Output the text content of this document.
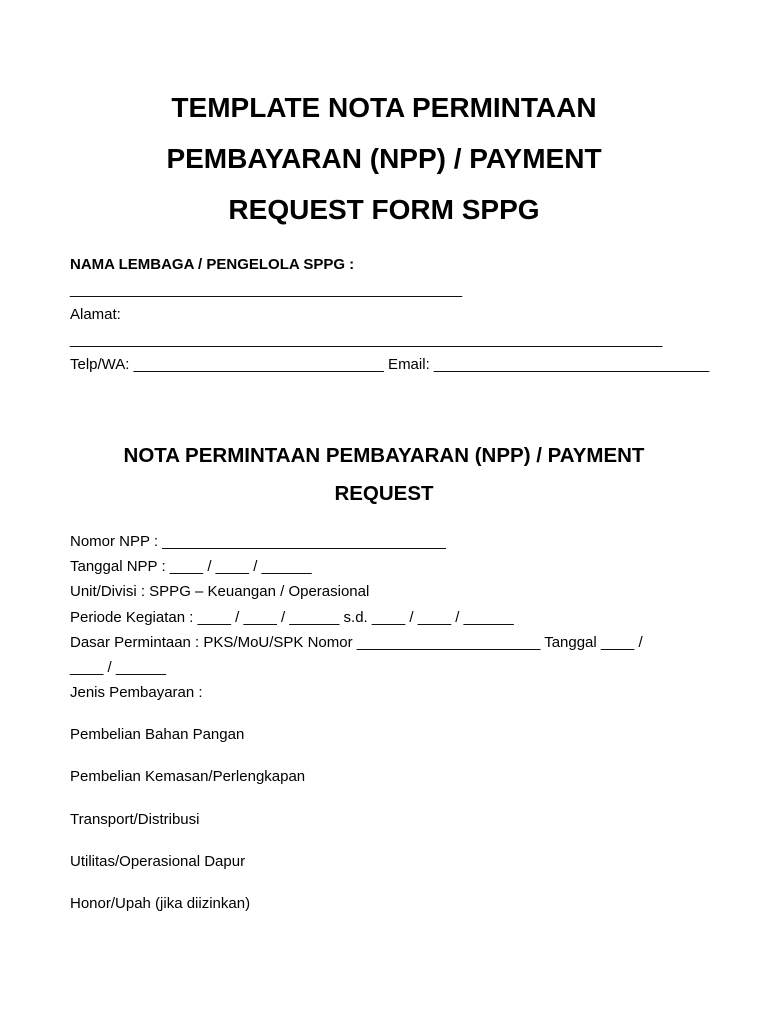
TEMPLATE NOTA PERMINTAAN
PEMBAYARAN (NPP) / PAYMENT
REQUEST FORM SPPG

NAMA LEMBAGA / PENGELOLA SPPG :

_______________________________________________

Alamat:

_______________________________________________________________________

Telp/WA: ______________________________ Email: _________________________________

NOTA PERMINTAAN PEMBAYARAN (NPP) / PAYMENT
REQUEST

Nomor NPP : __________________________________

Tanggal NPP : ____ / ____ / ______

Unit/Divisi : SPPG – Keuangan / Operasional

Periode Kegiatan : ____ / ____ / ______ s.d. ____ / ____ / ______

Dasar Permintaan : PKS/MoU/SPK Nomor ______________________ Tanggal ____ /

____ / ______

Jenis Pembayaran :

Pembelian Bahan Pangan

Pembelian Kemasan/Perlengkapan

Transport/Distribusi

Utilitas/Operasional Dapur

Honor/Upah (jika diizinkan)
